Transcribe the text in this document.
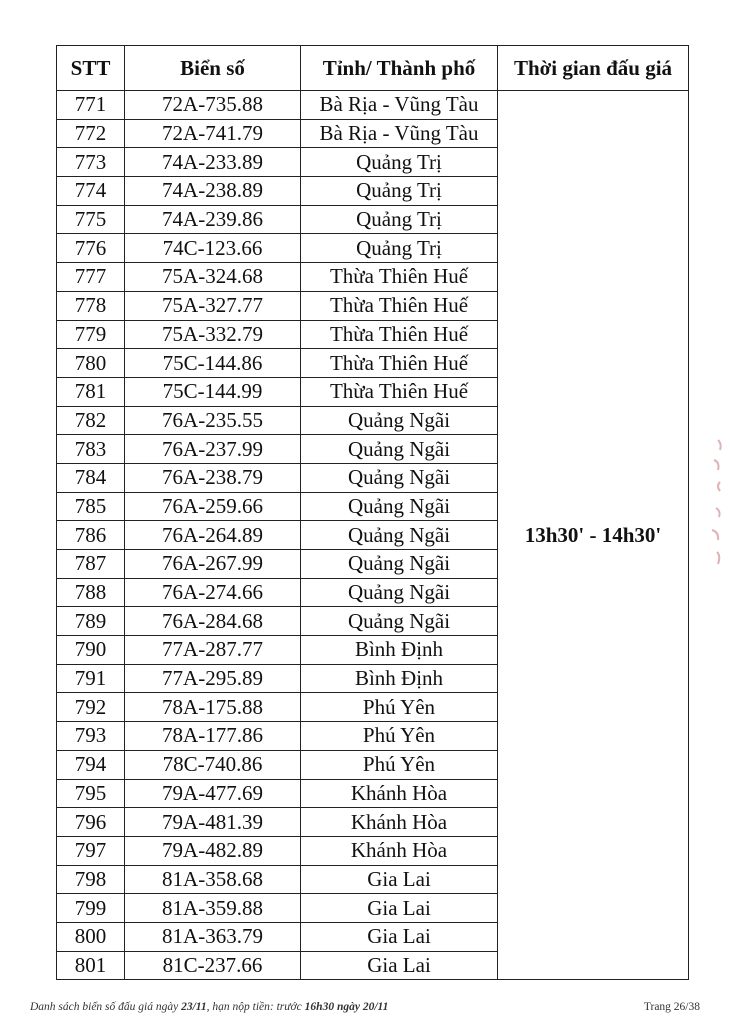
STT	Biển số	Tỉnh/ Thành phố	Thời gian đấu giá
771	72A-735.88	Bà Rịa - Vũng Tàu	13h30' - 14h30'
772	72A-741.79	Bà Rịa - Vũng Tàu	
773	74A-233.89	Quảng Trị	
774	74A-238.89	Quảng Trị	
775	74A-239.86	Quảng Trị	
776	74C-123.66	Quảng Trị	
777	75A-324.68	Thừa Thiên Huế	
778	75A-327.77	Thừa Thiên Huế	
779	75A-332.79	Thừa Thiên Huế	
780	75C-144.86	Thừa Thiên Huế	
781	75C-144.99	Thừa Thiên Huế	
782	76A-235.55	Quảng Ngãi	
783	76A-237.99	Quảng Ngãi	
784	76A-238.79	Quảng Ngãi	
785	76A-259.66	Quảng Ngãi	
786	76A-264.89	Quảng Ngãi	
787	76A-267.99	Quảng Ngãi	
788	76A-274.66	Quảng Ngãi	
789	76A-284.68	Quảng Ngãi	
790	77A-287.77	Bình Định	
791	77A-295.89	Bình Định	
792	78A-175.88	Phú Yên	
793	78A-177.86	Phú Yên	
794	78C-740.86	Phú Yên	
795	79A-477.69	Khánh Hòa	
796	79A-481.39	Khánh Hòa	
797	79A-482.89	Khánh Hòa	
798	81A-358.68	Gia Lai	
799	81A-359.88	Gia Lai	
800	81A-363.79	Gia Lai	
801	81C-237.66	Gia Lai	
Danh sách biển số đấu giá ngày 23/11, hạn nộp tiền: trước 16h30 ngày 20/11	Trang 26/38
